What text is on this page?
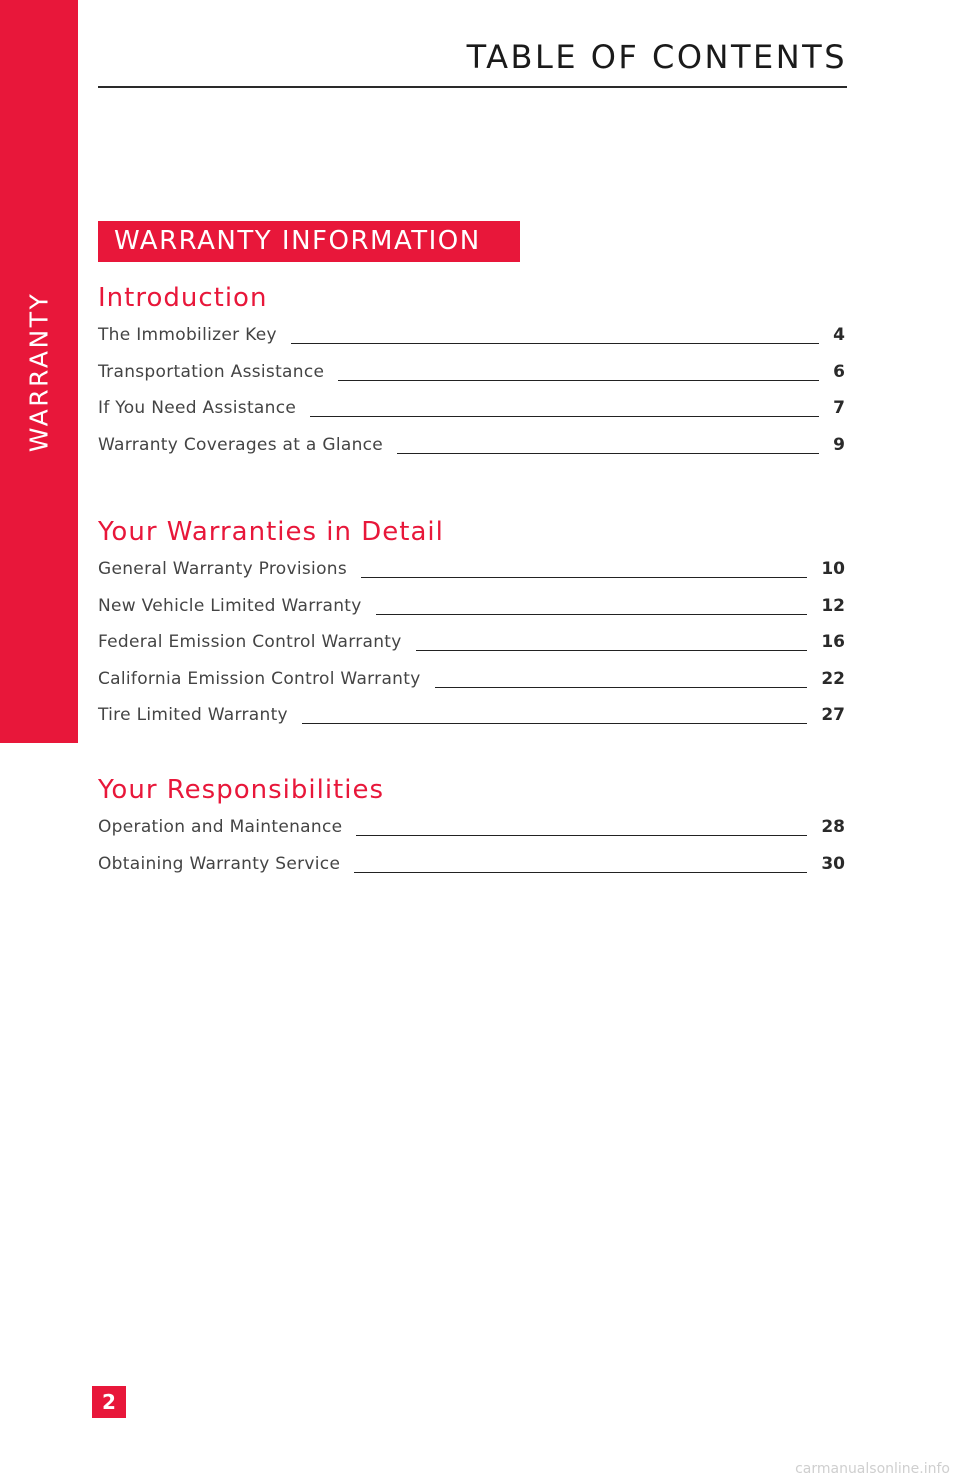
WARRANTY
TABLE OF CONTENTS
WARRANTY INFORMATION
Introduction
The Immobilizer Key	4
Transportation Assistance	6
If You Need Assistance	7
Warranty Coverages at a Glance	9
Your Warranties in Detail
General Warranty Provisions	10
New Vehicle Limited Warranty	12
Federal Emission Control Warranty	16
California Emission Control Warranty	22
Tire Limited Warranty	27
Your Responsibilities
Operation and Maintenance	28
Obtaining Warranty Service	30
2
carmanualsonline.info
